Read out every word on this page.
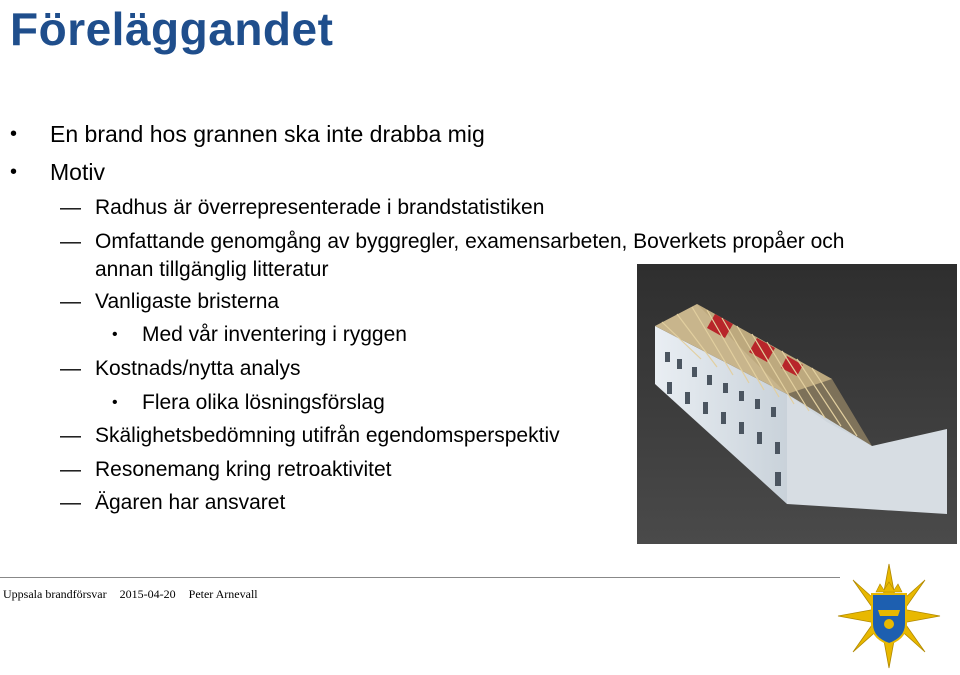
Föreläggandet
• En brand hos grannen ska inte drabba mig
• Motiv
— Radhus är överrepresenterade i brandstatistiken
— Omfattande genomgång av byggregler, examensarbeten, Boverkets propåer och
annan tillgänglig litteratur
— Vanligaste bristerna
• Med vår inventering i ryggen
— Kostnads/nytta analys
• Flera olika lösningsförslag
— Skälighetsbedömning utifrån egendomsperspektiv
— Resonemang kring retroaktivitet
— Ägaren har ansvaret
Uppsala brandförsvar 2015-04-20 Peter Arnevall
